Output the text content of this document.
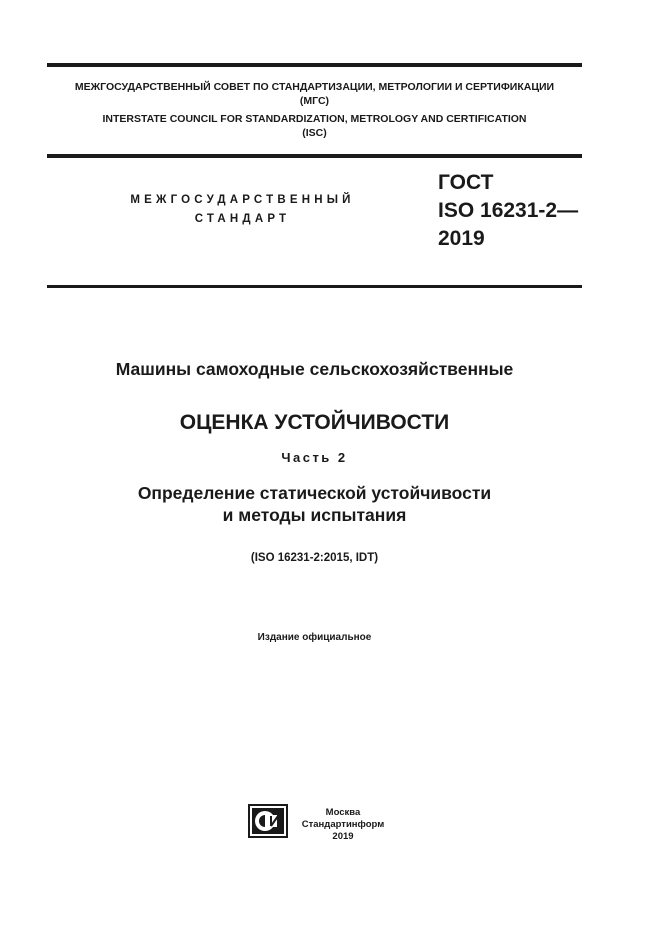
МЕЖГОСУДАРСТВЕННЫЙ СОВЕТ ПО СТАНДАРТИЗАЦИИ, МЕТРОЛОГИИ И СЕРТИФИКАЦИИ
(МГС)
INTERSTATE COUNCIL FOR STANDARDIZATION, METROLOGY AND CERTIFICATION
(ISC)
МЕЖГОСУДАРСТВЕННЫЙ
СТАНДАРТ
ГОСТ
ISO 16231-2—
2019
Машины самоходные сельскохозяйственные
ОЦЕНКА УСТОЙЧИВОСТИ
Часть 2
Определение статической устойчивости
и методы испытания
(ISO 16231-2:2015, IDT)
Издание официальное
Москва
Стандартинформ
2019
